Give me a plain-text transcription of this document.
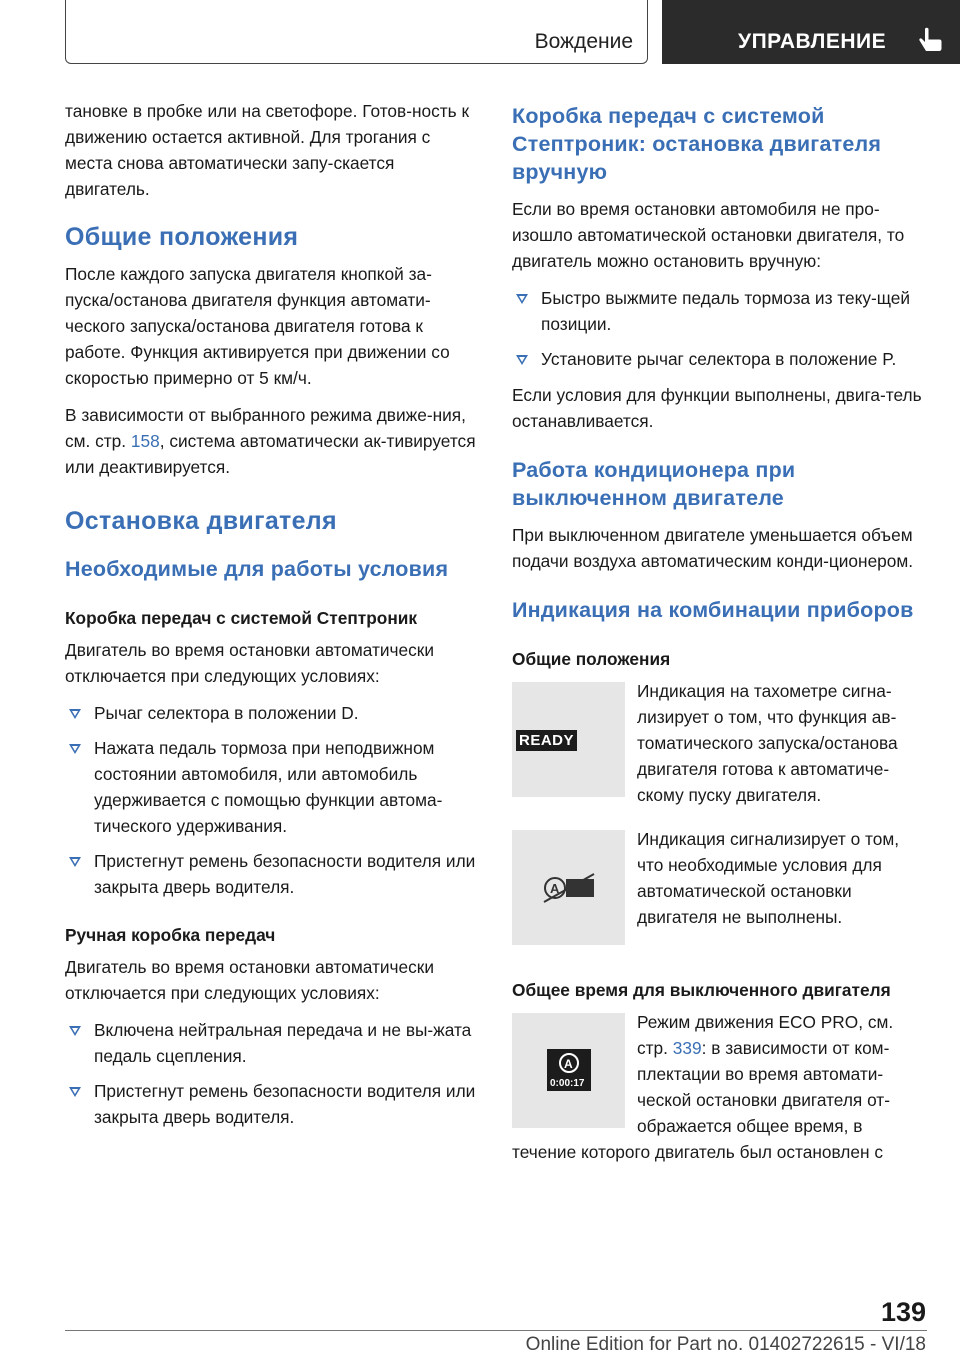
Вождение	УПРАВЛЕНИЕ

тановке в пробке или на светофоре. Готов-ность к движению остается активной. Для трогания с места снова автоматически запу-скается двигатель.

Общие положения

После каждого запуска двигателя кнопкой за-пуска/останова двигателя функция автомати-ческого запуска/останова двигателя готова к работе. Функция активируется при движении со скоростью примерно от 5 км/ч.

В зависимости от выбранного режима движе-ния, см. стр. 158, система автоматически ак-тивируется или деактивируется.

Остановка двигателя
Необходимые для работы условия
Коробка передач с системой Стептроник

Двигатель во время остановки автоматически отключается при следующих условиях:

Рычаг селектора в положении D.
Нажата педаль тормоза при неподвижном состоянии автомобиля, или автомобиль удерживается с помощью функции автома-тического удерживания.
Пристегнут ремень безопасности водителя или закрыта дверь водителя.
Ручная коробка передач

Двигатель во время остановки автоматически отключается при следующих условиях:

Включена нейтральная передача и не вы-жата педаль сцепления.
Пристегнут ремень безопасности водителя или закрыта дверь водителя.
Коробка передач с системой Стептроник: остановка двигателя вручную

Если во время остановки автомобиля не про-изошло автоматической остановки двигателя, то двигатель можно остановить вручную:

Быстро выжмите педаль тормоза из теку-щей позиции.
Установите рычаг селектора в положение P.

Если условия для функции выполнены, двига-тель останавливается.

Работа кондиционера при выключенном двигателе

При выключенном двигателе уменьшается объем подачи воздуха автоматическим конди-ционером.

Индикация на комбинации приборов
Общие положения
READY

Индикация на тахометре сигна-лизирует о том, что функция ав-томатического запуска/останова двигателя готова к автоматиче-скому пуску двигателя.

A

Индикация сигнализирует о том, что необходимые условия для автоматической остановки двигателя не выполнены.

Общее время для выключенного двигателя
A
0:00:17

Режим движения ECO PRO, см. стр. 339: в зависимости от ком-плектации во время автомати-ческой остановки двигателя от-ображается общее время, в

течение которого двигатель был остановлен с

139
Online Edition for Part no. 01402722615 - VI/18
